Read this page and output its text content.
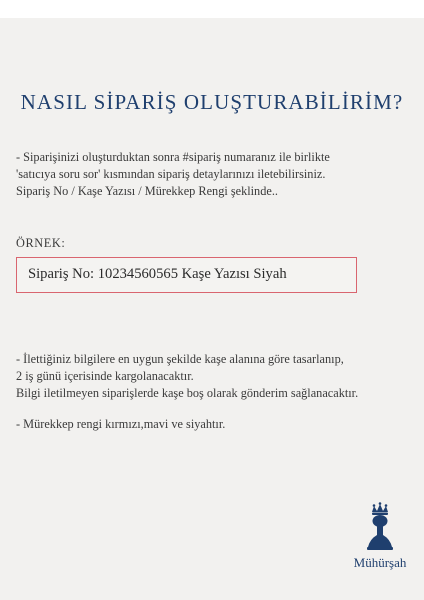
NASIL SİPARİŞ OLUŞTURABİLİRİM?

- Siparişinizi oluşturduktan sonra #sipariş numaranız ile birlikte

'satıcıya soru sor' kısmından sipariş detaylarınızı iletebilirsiniz.

Sipariş No / Kaşe Yazısı / Mürekkep Rengi şeklinde..

ÖRNEK:
Sipariş No: 10234560565 Kaşe Yazısı Siyah

- İlettiğiniz bilgilere en uygun şekilde kaşe alanına göre tasarlanıp,

2 iş günü içerisinde kargolanacaktır.

Bilgi iletilmeyen siparişlerde kaşe boş olarak gönderim sağlanacaktır.

- Mürekkep rengi kırmızı,mavi ve siyahtır.
Mühürşah
